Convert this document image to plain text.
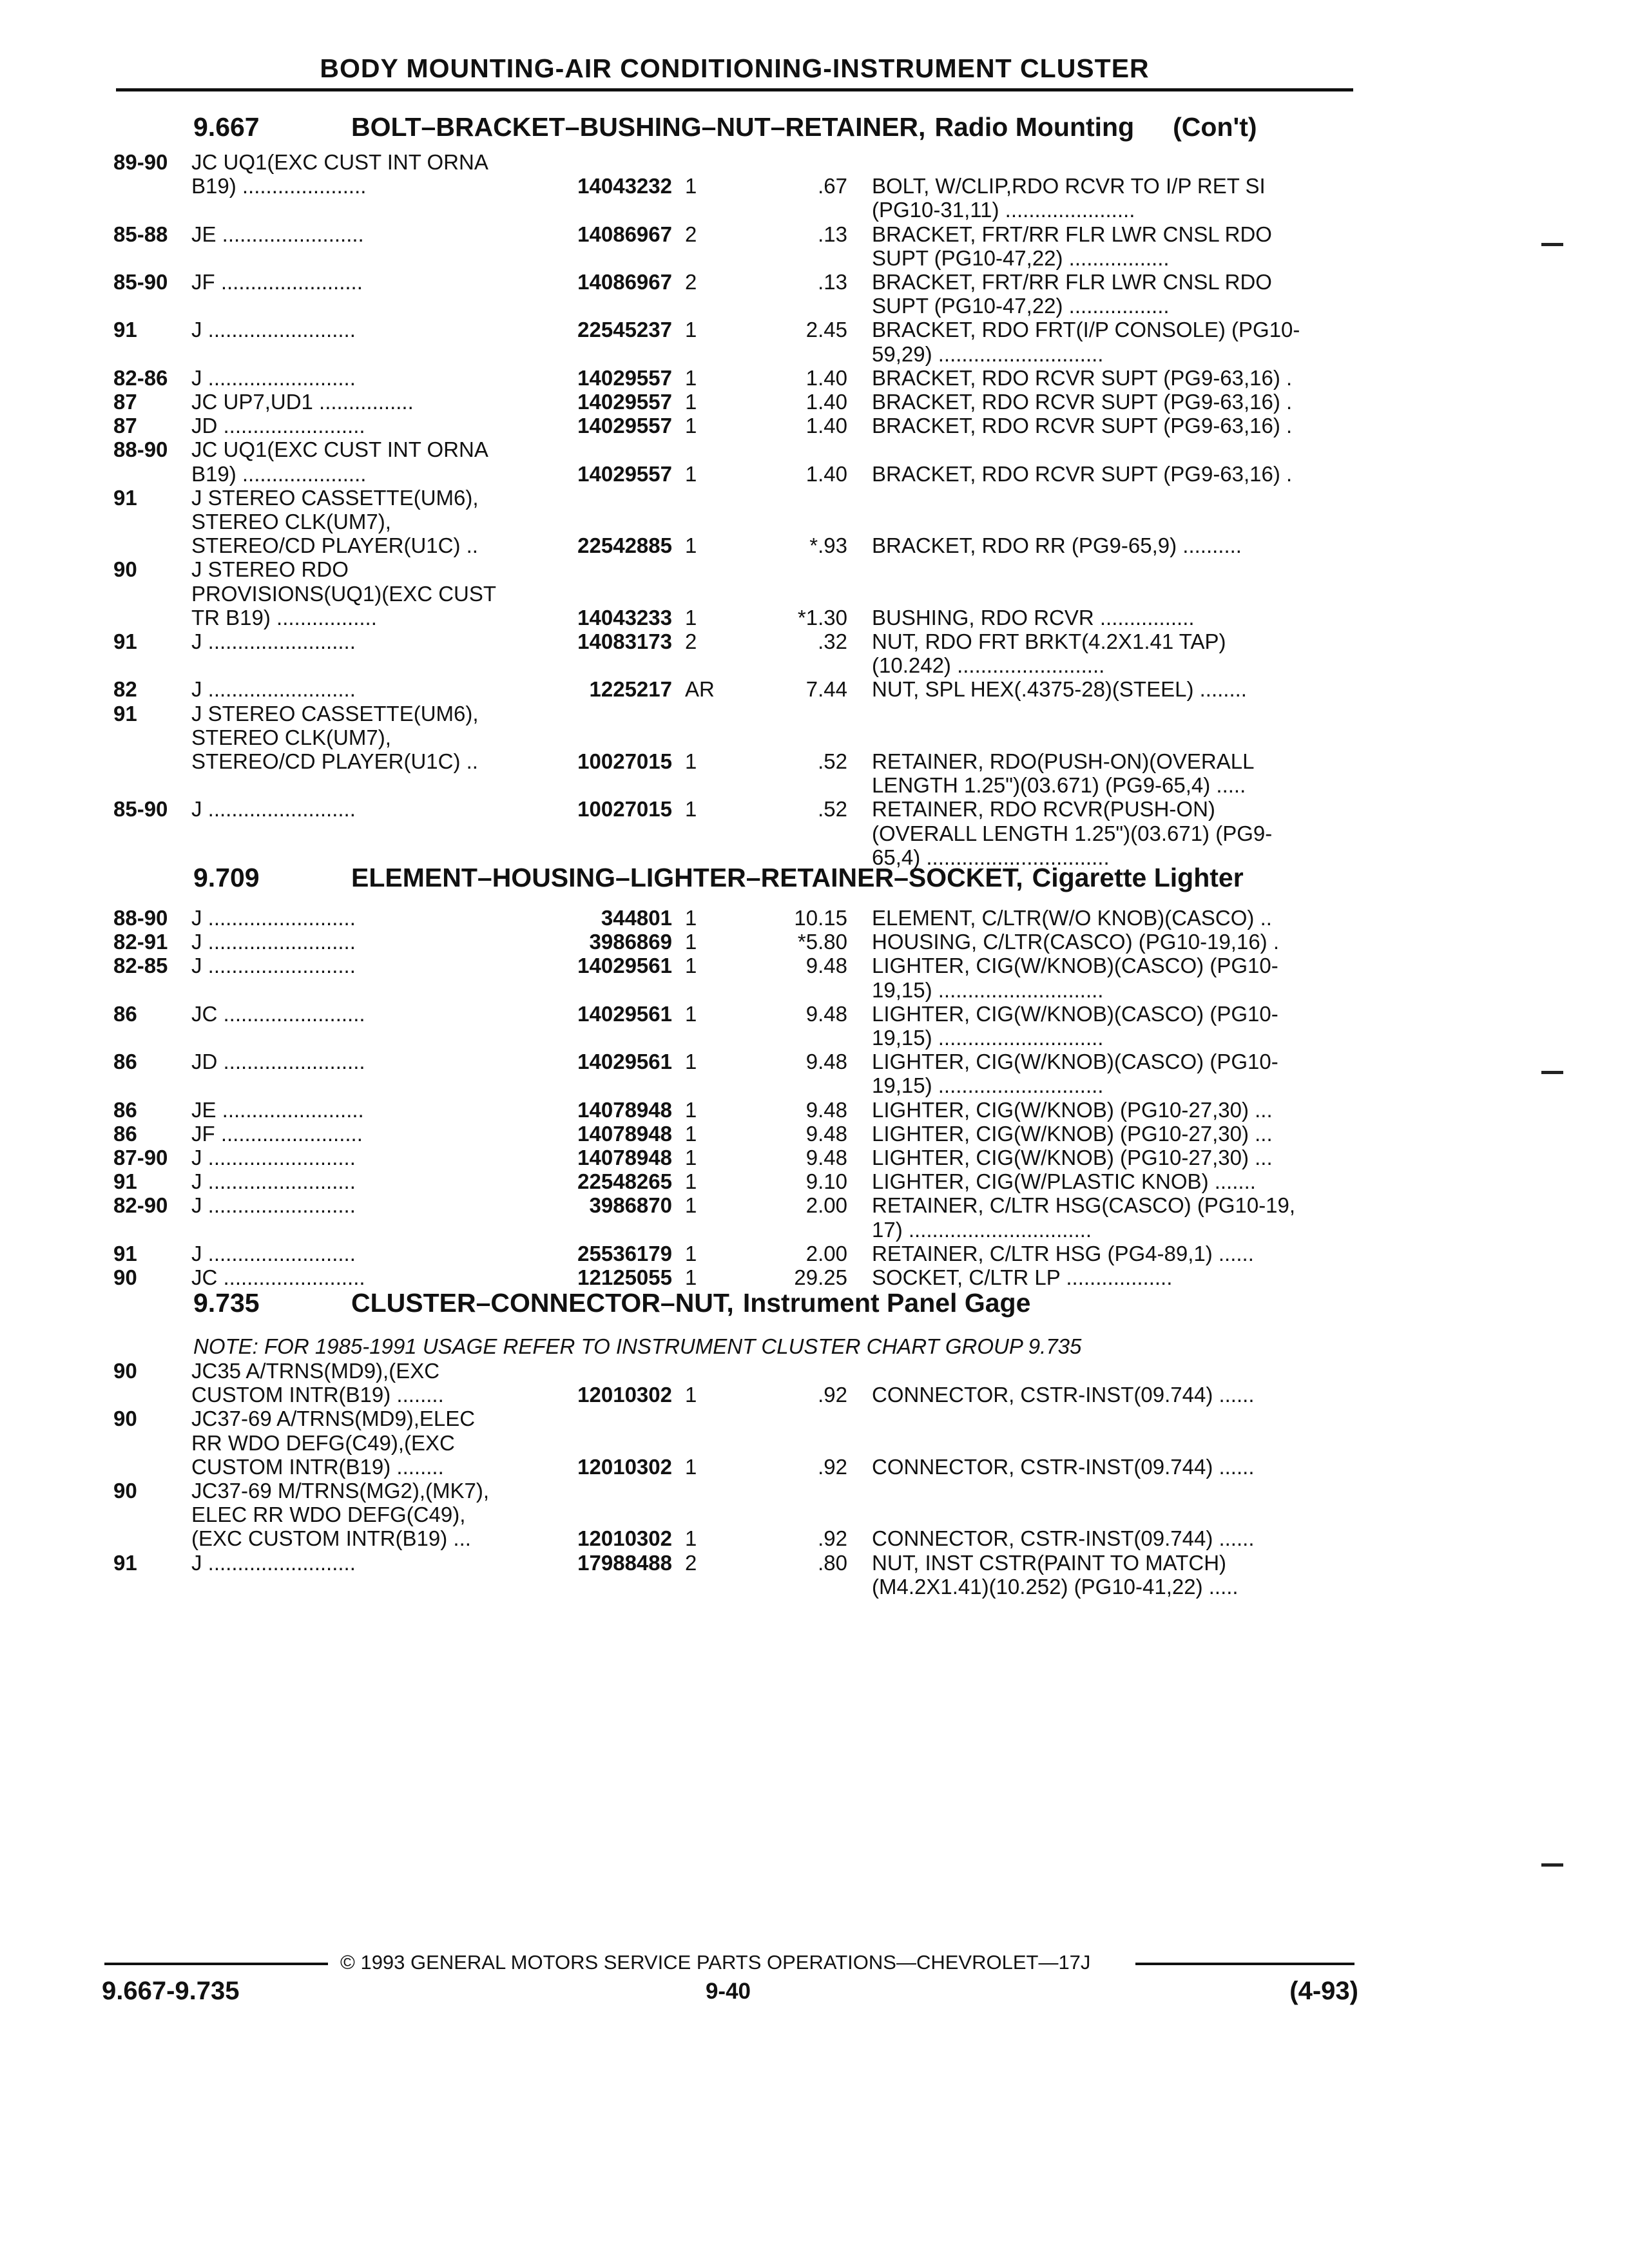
BODY MOUNTING-AIR CONDITIONING-INSTRUMENT CLUSTER
9.667	BOLT–BRACKET–BUSHING–NUT–RETAINER, Radio Mounting (Con't)
89-90	JC UQ1(EXC CUST INT ORNA
B19) .....................	14043232 1	.67 BOLT, W/CLIP,RDO RCVR TO I/P RET SI
(PG10-31,11) ......................
85-88	JE ........................	14086967 2	.13 BRACKET, FRT/RR FLR LWR CNSL RDO
SUPT (PG10-47,22) .................
85-90	JF ........................	14086967 2	.13 BRACKET, FRT/RR FLR LWR CNSL RDO
SUPT (PG10-47,22) .................
91	J .........................	22545237 1	2.45 BRACKET, RDO FRT(I/P CONSOLE) (PG10-
59,29) ............................
82-86	J .........................	14029557 1	1.40 BRACKET, RDO RCVR SUPT (PG9-63,16) .
87	JC UP7,UD1 ................	14029557 1	1.40 BRACKET, RDO RCVR SUPT (PG9-63,16) .
87	JD ........................	14029557 1	1.40 BRACKET, RDO RCVR SUPT (PG9-63,16) .
88-90	JC UQ1(EXC CUST INT ORNA
B19) .....................	14029557 1	1.40 BRACKET, RDO RCVR SUPT (PG9-63,16) .
91	J STEREO CASSETTE(UM6),
STEREO CLK(UM7),
STEREO/CD PLAYER(U1C) ..	22542885 1	*.93 BRACKET, RDO RR (PG9-65,9) ..........
90	J STEREO RDO
PROVISIONS(UQ1)(EXC CUST
TR B19) .................	14043233 1	*1.30 BUSHING, RDO RCVR ................
91	J .........................	14083173 2	.32 NUT, RDO FRT BRKT(4.2X1.41 TAP)
(10.242) .........................
82	J .........................	1225217 AR	7.44 NUT, SPL HEX(.4375-28)(STEEL) ........
91	J STEREO CASSETTE(UM6),
STEREO CLK(UM7),
STEREO/CD PLAYER(U1C) ..	10027015 1	.52 RETAINER, RDO(PUSH-ON)(OVERALL
LENGTH 1.25")(03.671) (PG9-65,4) .....
85-90	J .........................	10027015 1	.52 RETAINER, RDO RCVR(PUSH-ON)
(OVERALL LENGTH 1.25")(03.671) (PG9-
65,4) ...............................
9.709	ELEMENT–HOUSING–LIGHTER–RETAINER–SOCKET, Cigarette Lighter
88-90	J .........................	344801 1	10.15 ELEMENT, C/LTR(W/O KNOB)(CASCO) ..
82-91	J .........................	3986869 1	*5.80 HOUSING, C/LTR(CASCO) (PG10-19,16) .
82-85	J .........................	14029561 1	9.48 LIGHTER, CIG(W/KNOB)(CASCO) (PG10-
19,15) ............................
86	JC ........................	14029561 1	9.48 LIGHTER, CIG(W/KNOB)(CASCO) (PG10-
19,15) ............................
86	JD ........................	14029561 1	9.48 LIGHTER, CIG(W/KNOB)(CASCO) (PG10-
19,15) ............................
86	JE ........................	14078948 1	9.48 LIGHTER, CIG(W/KNOB) (PG10-27,30) ...
86	JF ........................	14078948 1	9.48 LIGHTER, CIG(W/KNOB) (PG10-27,30) ...
87-90	J .........................	14078948 1	9.48 LIGHTER, CIG(W/KNOB) (PG10-27,30) ...
91	J .........................	22548265 1	9.10 LIGHTER, CIG(W/PLASTIC KNOB) .......
82-90	J .........................	3986870 1	2.00 RETAINER, C/LTR HSG(CASCO) (PG10-19,
17) ...............................
91	J .........................	25536179 1	2.00 RETAINER, C/LTR HSG (PG4-89,1) ......
90	JC ........................	12125055 1	29.25 SOCKET, C/LTR LP ..................
9.735	CLUSTER–CONNECTOR–NUT, Instrument Panel Gage
NOTE: FOR 1985-1991 USAGE REFER TO INSTRUMENT CLUSTER CHART GROUP 9.735
90	JC35 A/TRNS(MD9),(EXC
CUSTOM INTR(B19) ........	12010302 1	.92 CONNECTOR, CSTR-INST(09.744) ......
90	JC37-69 A/TRNS(MD9),ELEC
RR WDO DEFG(C49),(EXC
CUSTOM INTR(B19) ........	12010302 1	.92 CONNECTOR, CSTR-INST(09.744) ......
90	JC37-69 M/TRNS(MG2),(MK7),
ELEC RR WDO DEFG(C49),
(EXC CUSTOM INTR(B19) ...	12010302 1	.92 CONNECTOR, CSTR-INST(09.744) ......
91	J .........................	17988488 2	.80 NUT, INST CSTR(PAINT TO MATCH)
(M4.2X1.41)(10.252) (PG10-41,22) .....
© 1993 GENERAL MOTORS SERVICE PARTS OPERATIONS—CHEVROLET—17J
9.667-9.735	9-40	(4-93)
